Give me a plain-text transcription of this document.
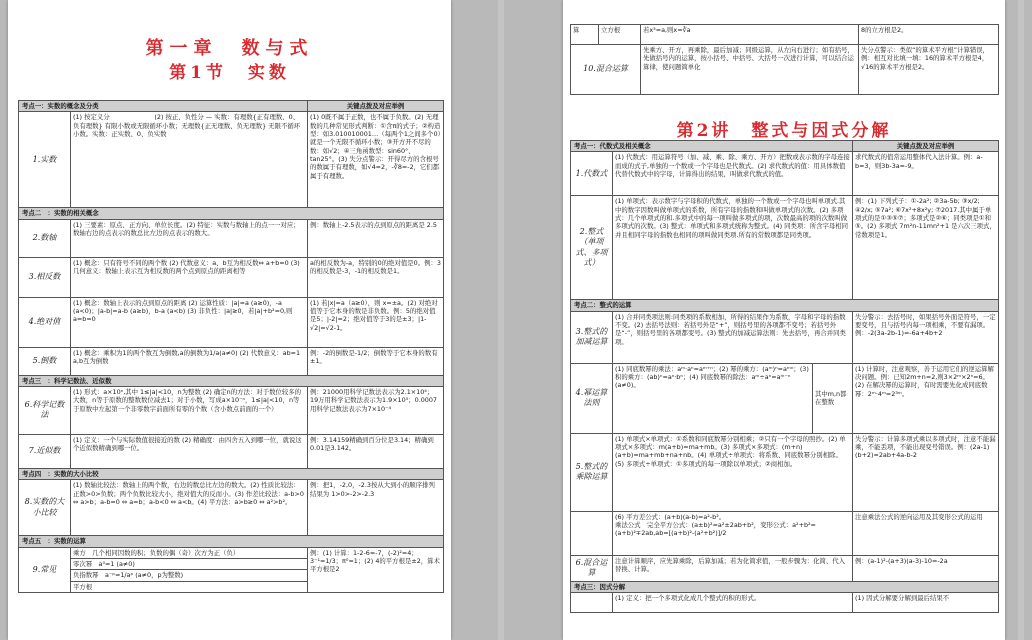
第一章　数与式
第1节　实数
考点一：实数的概念及分类		关键点拨及对应举例
1.实数	(1) 按定义分　　　　　　　(2) 按正、负性分 — 实数：有理数{正有理数、0、负有理数} 有限小数或无限循环小数；无理数{正无理数、负无理数} 无限不循环小数。实数：正实数、0、负实数	(1) 0既不属于正数，也不属于负数。(2) 无理数的几种常见形式判断：①含π的式子；②构造型：如3.010010001…（每两个1之间多个0）就是一个无限不循环小数；③开方开不尽的数：如√2；④三角函数型：sin60°、tan25°。(3) 失分点警示：开得尽方的含根号的数属于有理数，如√4=2，-∛8=-2，它们都属于有理数。
考点二　：实数的相关概念		
2.数轴	(1) 三要素：原点、正方向、单位长度。(2) 特征：实数与数轴上的点一一对应；数轴右边的点表示的数总比左边的点表示的数大。	例：数轴上-2.5表示的点到原点的距离是 2.5
3.相反数	(1) 概念：只有符号不同的两个数 (2) 代数意义：a、b互为相反数⇔ a+b=0 (3) 几何意义：数轴上表示互为相反数的两个点到原点的距离相等	a的相反数为-a，特别的0的绝对值是0。例：3的相反数是-3，-1的相反数是1。
4.绝对值	(1) 概念：数轴上表示的点到原点的距离 (2) 运算性质：|a|=a (a≥0)，-a (a<0)；|a-b|=a-b (a≥b)，b-a (a<b) (3) 非负性：|a|≥0，若|a|+b²=0,则 a=b=0	(1) 若|x|=a（a≥0），则 x=±a。(2) 对绝对值等于它本身的数是非负数。例：5的绝对值是5；|-2|=2；绝对值等于3的是±3；|1-√2|=√2-1。
5.倒数	(1) 概念：乘积为1的两个数互为倒数,a的倒数为1/a(a≠0) (2) 代数意义：ab=1　a,b互为倒数	例：-2的倒数是-1/2；倒数等于它本身的数有±1。
考点三　：科学记数法、近似数		
6.科学记数法	(1) 形式：a×10ⁿ,其中 1≤|a|<10，n为整数 (2) 确定n的方法：对于数位较多的大数，n等于原数的整数数位减去1；对于小数，写成a×10⁻ⁿ，1≤|a|<10，n等于原数中左起第一个非零数字前面所有零的个数（含小数点前面的一个）	例：21000用科学记数法表示为2.1×10⁴；19万用科学记数法表示为1.9×10⁵；0.0007用科学记数法表示为7×10⁻⁴
7.近似数	(1) 定义：一个与实际数值很接近的数 (2) 精确度：由四舍五入到哪一位，就说这个近似数精确到哪一位。	例：3.14159精确到百分位是3.14；精确到0.01是3.142。
考点四　：实数的大小比较		
8.实数的大小比较	(1) 数轴比较法：数轴上的两个数，右边的数总比左边的数大。(2) 性质比较法：正数>0>负数；两个负数比较大小，绝对值大的反而小。(3) 作差比较法：a-b>0 ⇔ a>b；a-b=0 ⇔ a=b；a-b<0 ⇔ a<b。(4) 平方法：a>b≥0 ⇔ a²>b²。	例：把1，-2,0，-2.3按从大到小的顺序排列结果为 1>0>-2>-2.3
考点五　：实数的运算		
9.常见	乘方　几个相同因数的积；负数的偶（奇）次方为正（负）	例：(1) 计算：1-2-6=-7，(-2)²=4；3⁻¹=1/3；π⁰=1；(2) 4的平方根是±2，算术平方根是2
	零次幂　a⁰=1 (a≠0)	
	负指数幂　a⁻ᵖ=1/aᵖ (a≠0，p为整数)	
	平方根	
算	立方根	若x³=a,则x=∛a	8的立方根是2。
10.混合运算		先乘方、开方，再乘除，最后加减；同级运算，从左向右进行；如有括号，先做括号内的运算，按小括号、中括号、大括号一次进行计算，可以结合运算律，使问题简单化	失分点警示：类似“的算术平方根”计算错误，例：相互对比填一填：16的算术平方根是4，√16的算术平方根是2。
第2讲　整式与因式分解
考点一：代数式及相关概念			关键点拨及对应举例
1.代数式	(1) 代数式：用运算符号（加、减、乘、除、乘方、开方）把数或表示数的字母连接而成的式子,单独的一个数或一个字母也是代数式。(2) 求代数式的值：用具体数值代替代数式中的字母，计算得出的结果，叫做求代数式的值。		求代数式的值常运用整体代入法计算。例：a-b=3，则3b-3a=-9。
2.整式（单项式、多项式）	(1) 单项式：表示数字与字母积的代数式，单独的一个数或一个字母也叫单项式.其中的数字因数叫做单项式的系数，所有字母的指数和叫做单项式的次数。(2) 多项式：几个单项式的和.多项式中的每一项叫做多项式的项，次数最高的项的次数叫做多项式的次数。(3) 整式：单项式和多项式统称为整式。(4) 同类项：所含字母相同并且相同字母的指数也相同的项叫做同类项.所有的常数项都是同类项。		例：(1) 下列式子：①-2a²; ②3a-5b; ③x/2; ④2/x; ⑤7a²; ⑥7x²+8x²y; ⑦2017.其中属于单项式的是①③⑤⑦；多项式是②⑥；同类项是①和⑤。(2) 多项式 7m²n-11mn²+1 是六次三项式，常数项是1。
考点二：整式的运算			
3.整式的加减运算	(1) 合并同类项法则:同类项的系数相加，所得的结果作为系数，字母和字母的指数不变。(2) 去括号法则：若括号外是“+”，则括号里的各项都不变号；若括号外是“-”，则括号里的各项都变号。(3) 整式的加减运算法则：先去括号，再合并同类项。		失分警示：去括号时，如果括号外面是符号，一定要变号，且与括号内每一项相乘，不要有漏项。例：-2(3a-2b-1)=-6a+4b+2
4.幂运算法则	(1) 同底数幂的乘法：aᵐ·aⁿ=aᵐ⁺ⁿ；(2) 幂的乘方：(aᵐ)ⁿ=aᵐⁿ；(3) 积的乘方：(ab)ⁿ=aⁿ·bⁿ；(4) 同底数幂的除法：aᵐ÷aⁿ=aᵐ⁻ⁿ (a≠0)。	其中m,n都在整数	(1) 计算时，注意观察，善于运用它们的逆运算解决问题。例：已知2m+n=2,则3×2ᵐ×2ⁿ=6。(2) 在解决幂的运算时，有时需要先化成同底数幂：2ᵐ·4ᵐ=2³ᵐ。
5.整式的乘除运算	(1) 单项式×单项式：①系数和同底数幂分别相乘；②只有一个字母的照抄。(2) 单项式×多项式：m(a+b)=ma+mb。(3) 多项式×多项式：(m+n)(a+b)=ma+mb+na+nb。(4) 单项式÷单项式：将系数、同底数幂分别相除。(5) 多项式÷单项式：①多项式的每一项除以单项式；②商相加。		失分警示：计算多项式乘以多项式时，注意不能漏乘，不能丢项，不能出现变号错误。例：(2a-1)(b+2)=2ab+4a-b-2

	(6) 平方差公式：(a+b)(a-b)=a²-b²。
乘法公式　完全平方公式：(a±b)²=a²±2ab+b²，变形公式：a²+b²=(a+b)²∓2ab,ab=[(a+b)²-(a²+b²)]/2		注意乘法公式的逆向运用及其变形公式的运用
6.混合运算	注意计算顺序，应先算乘除，后算加减；若为化简求值，一般步骤为：化简、代入替换、计算。		例：(a-1)²-(a+3)(a-3)-10=-2a
考点三：因式分解			
	(1) 定义：把一个多项式化成几个整式的积的形式。		(1) 因式分解要分解到最后结果不
